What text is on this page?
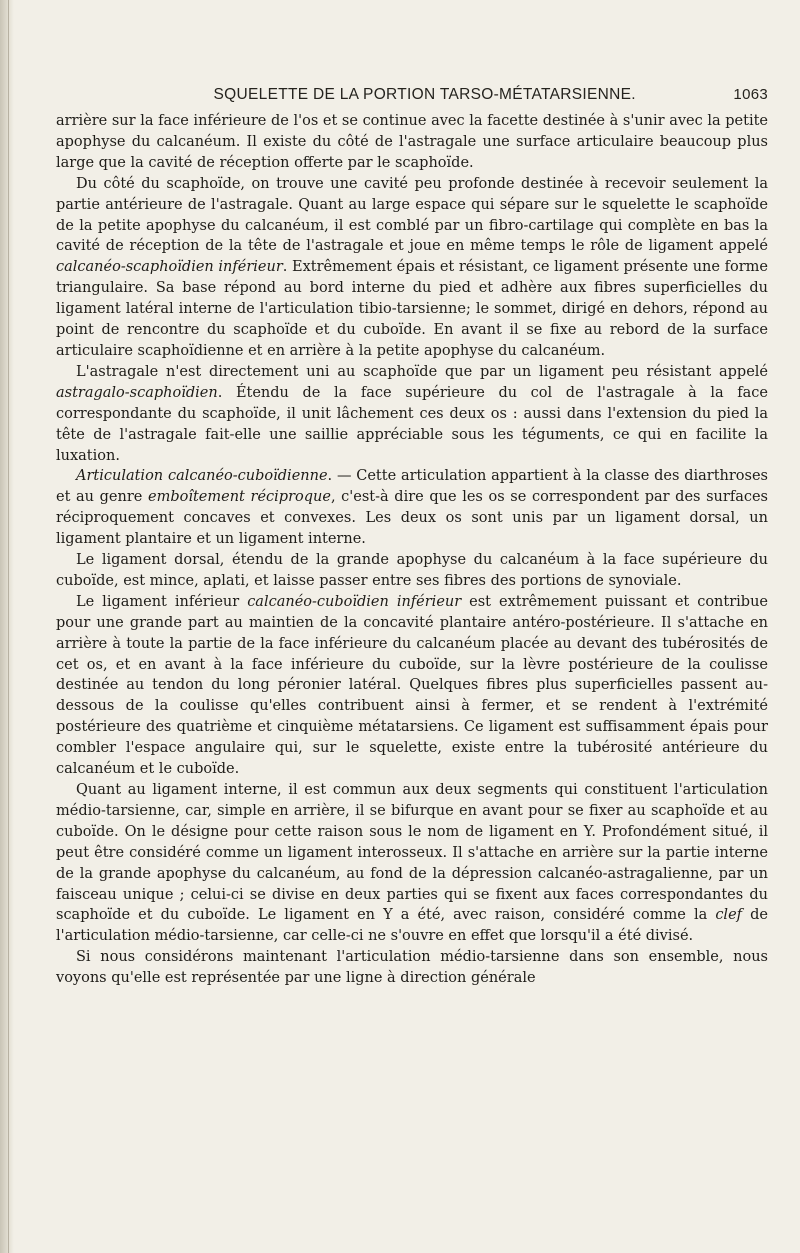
SQUELETTE DE LA PORTION TARSO-MÉTATARSIENNE.	1063

arrière sur la face inférieure de l'os et se continue avec la facette destinée à s'unir avec la petite apophyse du calcanéum. Il existe du côté de l'astragale une surface articulaire beaucoup plus large que la cavité de réception offerte par le scaphoïde.

Du côté du scaphoïde, on trouve une cavité peu profonde destinée à recevoir seulement la partie antérieure de l'astragale. Quant au large espace qui sépare sur le squelette le scaphoïde de la petite apophyse du calcanéum, il est comblé par un fibro-cartilage qui complète en bas la cavité de réception de la tête de l'astragale et joue en même temps le rôle de ligament appelé calcanéo-scaphoïdien inférieur. Extrêmement épais et résistant, ce ligament présente une forme triangulaire. Sa base répond au bord interne du pied et adhère aux fibres superficielles du ligament latéral interne de l'articulation tibio-tarsienne; le sommet, dirigé en dehors, répond au point de rencontre du scaphoïde et du cuboïde. En avant il se fixe au rebord de la surface articulaire scaphoïdienne et en arrière à la petite apophyse du calcanéum.

L'astragale n'est directement uni au scaphoïde que par un ligament peu résistant appelé astragalo-scaphoïdien. Étendu de la face supérieure du col de l'astragale à la face correspondante du scaphoïde, il unit lâchement ces deux os : aussi dans l'extension du pied la tête de l'astragale fait-elle une saillie appréciable sous les téguments, ce qui en facilite la luxation.

Articulation calcanéo-cuboïdienne. — Cette articulation appartient à la classe des diarthroses et au genre emboîtement réciproque, c'est-à dire que les os se correspondent par des surfaces réciproquement concaves et convexes. Les deux os sont unis par un ligament dorsal, un ligament plantaire et un ligament interne.

Le ligament dorsal, étendu de la grande apophyse du calcanéum à la face supérieure du cuboïde, est mince, aplati, et laisse passer entre ses fibres des portions de synoviale.

Le ligament inférieur calcanéo-cuboïdien inférieur est extrêmement puissant et contribue pour une grande part au maintien de la concavité plantaire antéro-postérieure. Il s'attache en arrière à toute la partie de la face inférieure du calcanéum placée au devant des tubérosités de cet os, et en avant à la face inférieure du cuboïde, sur la lèvre postérieure de la coulisse destinée au tendon du long péronier latéral. Quelques fibres plus superficielles passent au-dessous de la coulisse qu'elles contribuent ainsi à fermer, et se rendent à l'extrémité postérieure des quatrième et cinquième métatarsiens. Ce ligament est suffisamment épais pour combler l'espace angulaire qui, sur le squelette, existe entre la tubérosité antérieure du calcanéum et le cuboïde.

Quant au ligament interne, il est commun aux deux segments qui constituent l'articulation médio-tarsienne, car, simple en arrière, il se bifurque en avant pour se fixer au scaphoïde et au cuboïde. On le désigne pour cette raison sous le nom de ligament en Y. Profondément situé, il peut être considéré comme un ligament interosseux. Il s'attache en arrière sur la partie interne de la grande apophyse du calcanéum, au fond de la dépression calcanéo-astragalienne, par un faisceau unique ; celui-ci se divise en deux parties qui se fixent aux faces correspondantes du scaphoïde et du cuboïde. Le ligament en Y a été, avec raison, considéré comme la clef de l'articulation médio-tarsienne, car celle-ci ne s'ouvre en effet que lorsqu'il a été divisé.

Si nous considérons maintenant l'articulation médio-tarsienne dans son ensemble, nous voyons qu'elle est représentée par une ligne à direction générale
